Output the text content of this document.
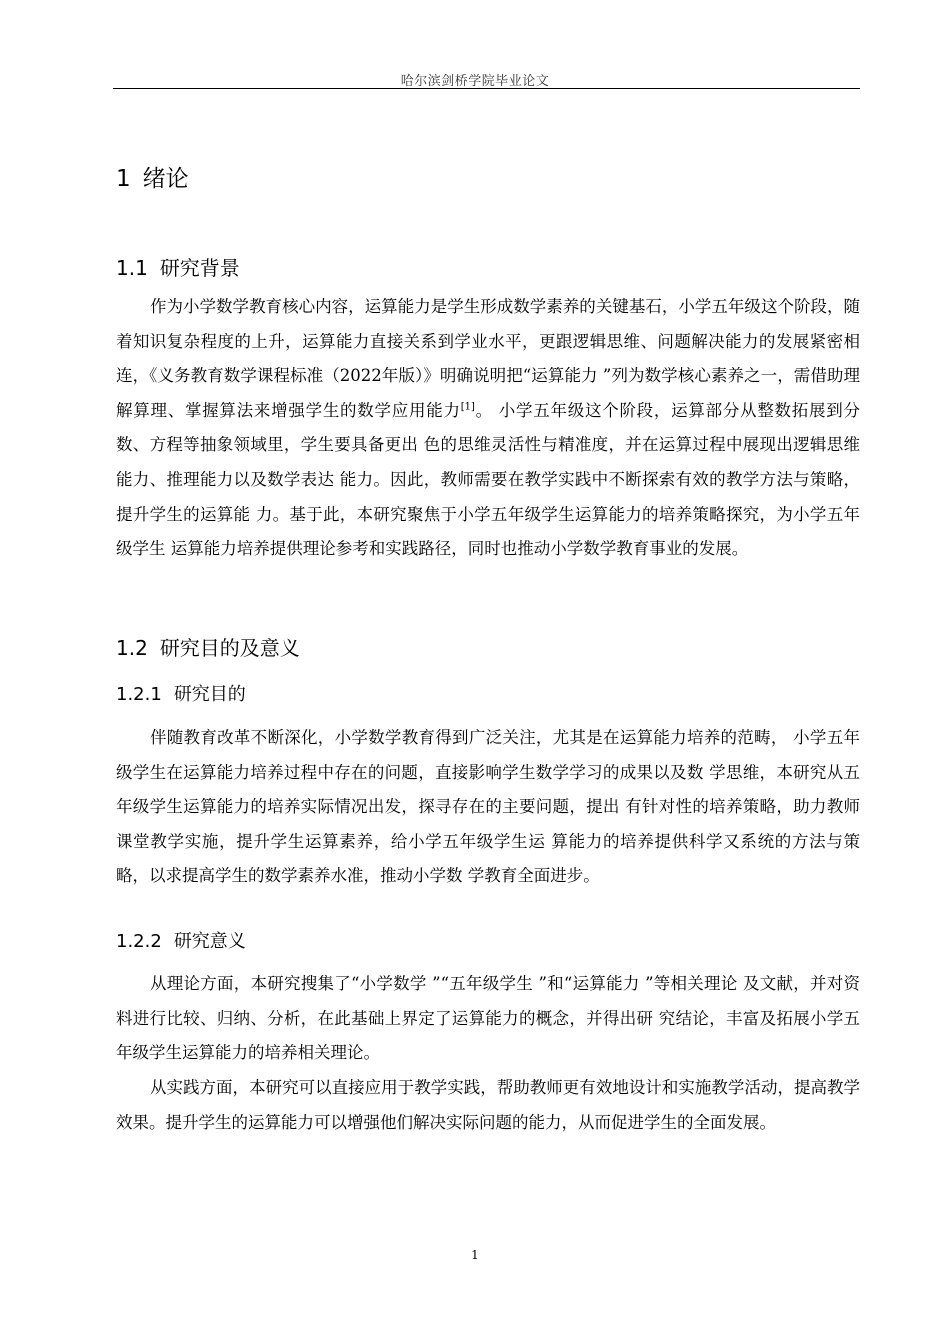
哈尔滨剑桥学院毕业论文
1 绪论
1.1 研究背景

作为小学数学教育核心内容，运算能力是学生形成数学素养的关键基石，小学五年级这个阶段，随着知识复杂程度的上升，运算能力直接关系到学业水平，更跟逻辑思维、问题解决能力的发展紧密相连，《义务教育数学课程标准（2022年版）》明确说明把“运算能力 ”列为数学核心素养之一，需借助理解算理、掌握算法来增强学生的数学应用能力[1]。 小学五年级这个阶段，运算部分从整数拓展到分数、方程等抽象领域里，学生要具备更出 色的思维灵活性与精准度，并在运算过程中展现出逻辑思维能力、推理能力以及数学表达 能力。因此，教师需要在教学实践中不断探索有效的教学方法与策略，提升学生的运算能 力。基于此，本研究聚焦于小学五年级学生运算能力的培养策略探究，为小学五年级学生 运算能力培养提供理论参考和实践路径，同时也推动小学数学教育事业的发展。

1.2 研究目的及意义
1.2.1 研究目的

伴随教育改革不断深化，小学数学教育得到广泛关注，尤其是在运算能力培养的范畴， 小学五年级学生在运算能力培养过程中存在的问题，直接影响学生数学学习的成果以及数 学思维，本研究从五年级学生运算能力的培养实际情况出发，探寻存在的主要问题，提出 有针对性的培养策略，助力教师课堂教学实施，提升学生运算素养，给小学五年级学生运 算能力的培养提供科学又系统的方法与策略，以求提高学生的数学素养水准，推动小学数 学教育全面进步。

1.2.2 研究意义

从理论方面，本研究搜集了“小学数学 ”“五年级学生 ”和“运算能力 ”等相关理论 及文献，并对资料进行比较、归纳、分析，在此基础上界定了运算能力的概念，并得出研 究结论，丰富及拓展小学五年级学生运算能力的培养相关理论。

从实践方面，本研究可以直接应用于教学实践，帮助教师更有效地设计和实施教学活动，提高教学效果。提升学生的运算能力可以增强他们解决实际问题的能力，从而促进学生的全面发展。

1
